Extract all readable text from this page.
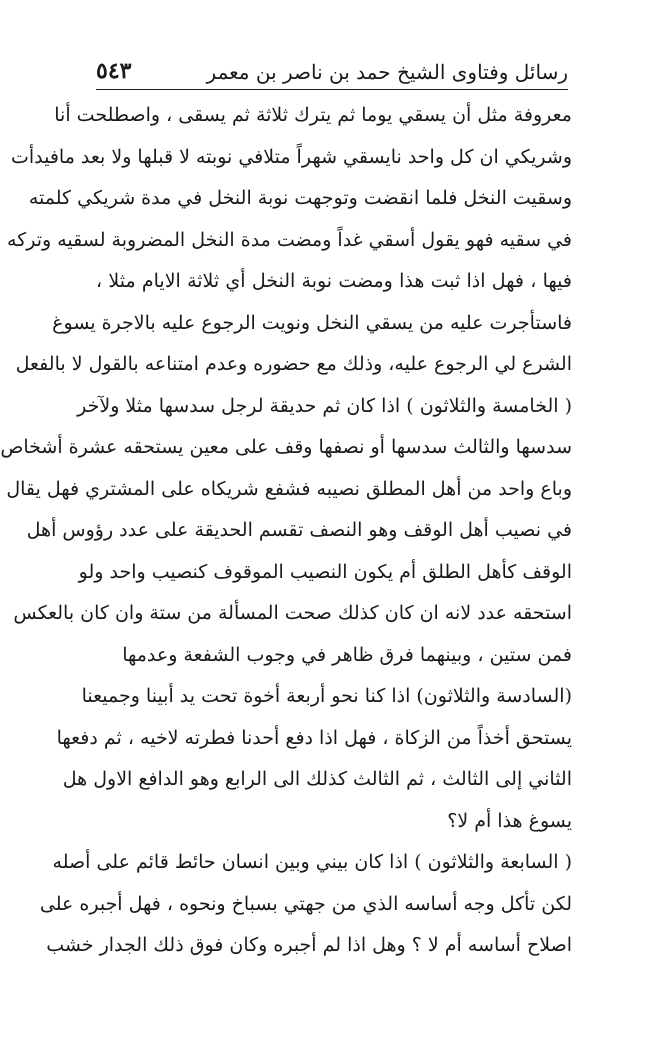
رسائل وفتاوى الشيخ حمد بن ناصر بن معمر
٥٤٣
معروفة مثل أن يسقي يوما ثم يترك ثلاثة ثم يسقى ، واصطلحت أنا
وشريكي ان كل واحد نايسقي شهراً متلافي نوبته لا قبلها ولا بعد مافيدأت
وسقيت النخل فلما انقضت وتوجهت نوبة النخل في مدة شريكي كلمته
في سقيه فهو يقول أسقي غداً ومضت مدة النخل المضروبة لسقيه وتركه
فيها ، فهل اذا ثبت هذا ومضت نوبة النخل أي ثلاثة الايام مثلا ،
فاستأجرت عليه من يسقي النخل ونويت الرجوع عليه بالاجرة يسوغ
الشرع لي الرجوع عليه، وذلك مع حضوره وعدم امتناعه بالقول لا بالفعل
( الخامسة والثلاثون ) اذا كان ثم حديقة لرجل سدسها مثلا ولآخر
سدسها والثالث سدسها أو نصفها وقف على معين يستحقه عشرة أشخاص
وباع واحد من أهل المطلق نصيبه فشفع شريكاه على المشتري فهل يقال
في نصيب أهل الوقف وهو النصف تقسم الحديقة على عدد رؤوس أهل
الوقف كأهل الطلق أم يكون النصيب الموقوف كنصيب واحد ولو
استحقه عدد لانه ان كان كذلك صحت المسألة من ستة وان كان بالعكس
فمن ستين ، وبينهما فرق ظاهر في وجوب الشفعة وعدمها
(السادسة والثلاثون) اذا كنا نحو أربعة أخوة تحت يد أبينا وجميعنا
يستحق أخذاً من الزكاة ، فهل اذا دفع أحدنا فطرته لاخيه ، ثم دفعها
الثاني إلى الثالث ، ثم الثالث كذلك الى الرابع وهو الدافع الاول هل
يسوغ هذا أم لا؟
( السابعة والثلاثون ) اذا كان بيني وبين انسان حائط قائم على أصله
لكن تأكل وجه أساسه الذي من جهتي بسباخ ونحوه ، فهل أجبره على
اصلاح أساسه أم لا ؟ وهل اذا لم أجبره وكان فوق ذلك الجدار خشب
